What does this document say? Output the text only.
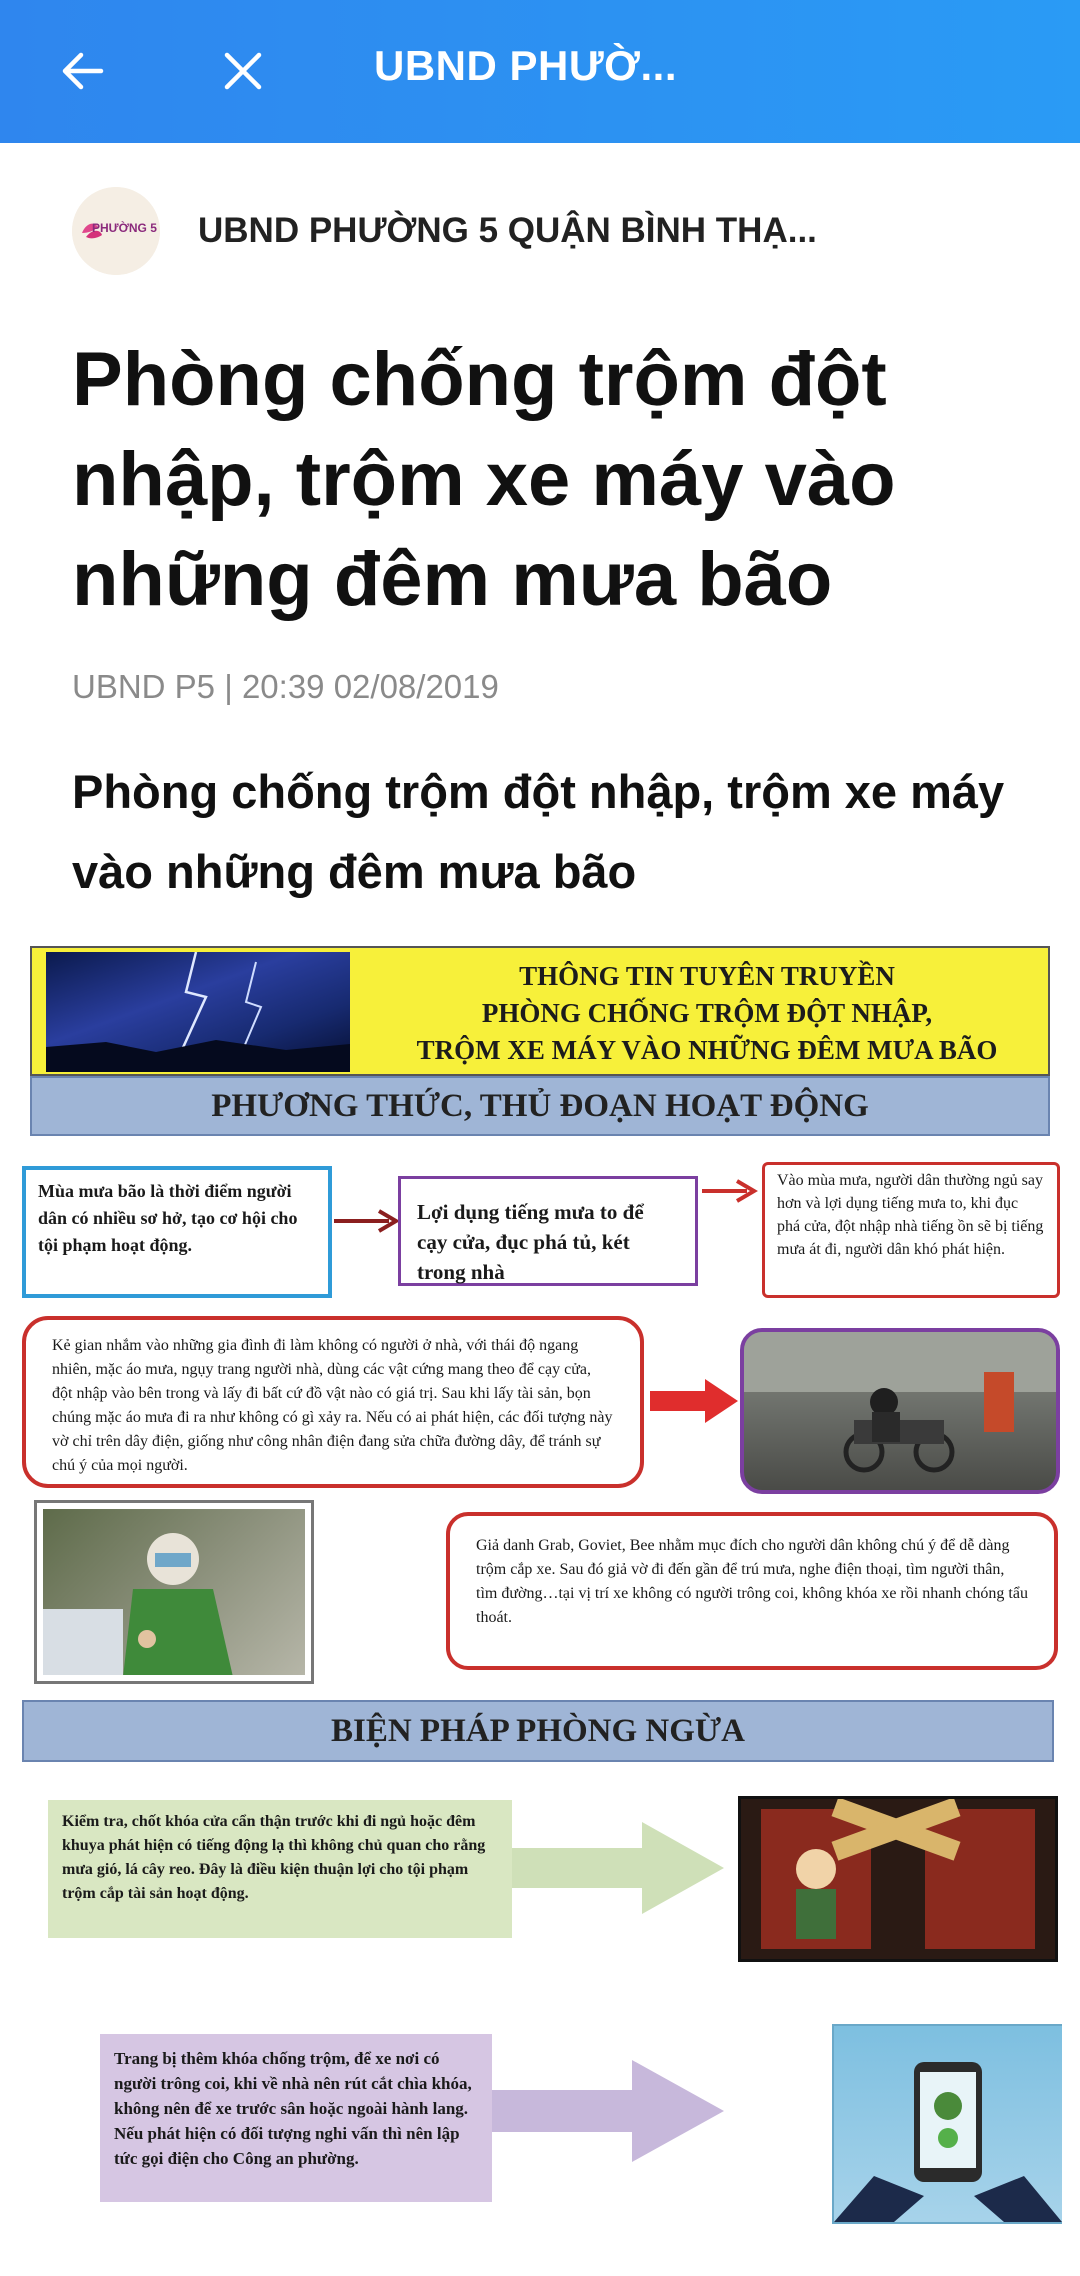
UBND PHƯỜ...
PHƯỜNG 5 UBND PHƯỜNG 5 QUẬN BÌNH THẠ...
Phòng chống trộm đột nhập, trộm xe máy vào những đêm mưa bão
UBND P5 | 20:39 02/08/2019
Phòng chống trộm đột nhập, trộm xe máy vào những đêm mưa bão
THÔNG TIN TUYÊN TRUYỀN
PHÒNG CHỐNG TRỘM ĐỘT NHẬP,
TRỘM XE MÁY VÀO NHỮNG ĐÊM MƯA BÃO
PHƯƠNG THỨC, THỦ ĐOẠN HOẠT ĐỘNG
Mùa mưa bão là thời điểm người dân có nhiều sơ hở, tạo cơ hội cho tội phạm hoạt động.
Lợi dụng tiếng mưa to để cạy cửa, đục phá tủ, két trong nhà
Vào mùa mưa, người dân thường ngủ say hơn và lợi dụng tiếng mưa to, khi đục phá cửa, đột nhập nhà tiếng ồn sẽ bị tiếng mưa át đi, người dân khó phát hiện.
Kẻ gian nhắm vào những gia đình đi làm không có người ở nhà, với thái độ ngang nhiên, mặc áo mưa, ngụy trang người nhà, dùng các vật cứng mang theo để cạy cửa, đột nhập vào bên trong và lấy đi bất cứ đồ vật nào có giá trị. Sau khi lấy tài sản, bọn chúng mặc áo mưa đi ra như không có gì xảy ra. Nếu có ai phát hiện, các đối tượng này vờ chỉ trên dây điện, giống như công nhân điện đang sửa chữa đường dây, để tránh sự chú ý của mọi người.
Giả danh Grab, Goviet, Bee nhằm mục đích cho người dân không chú ý để dễ dàng trộm cắp xe. Sau đó giả vờ đi đến gần để trú mưa, nghe điện thoại, tìm người thân, tìm đường…tại vị trí xe không có người trông coi, không khóa xe rồi nhanh chóng tẩu thoát.
BIỆN PHÁP PHÒNG NGỪA
Kiểm tra, chốt khóa cửa cẩn thận trước khi đi ngủ hoặc đêm khuya phát hiện có tiếng động lạ thì không chủ quan cho rằng mưa gió, lá cây reo. Đây là điều kiện thuận lợi cho tội phạm trộm cắp tài sản hoạt động.
Trang bị thêm khóa chống trộm, để xe nơi có người trông coi, khi về nhà nên rút cắt chìa khóa, không nên để xe trước sân hoặc ngoài hành lang. Nếu phát hiện có đối tượng nghi vấn thì nên lập tức gọi điện cho Công an phường.
